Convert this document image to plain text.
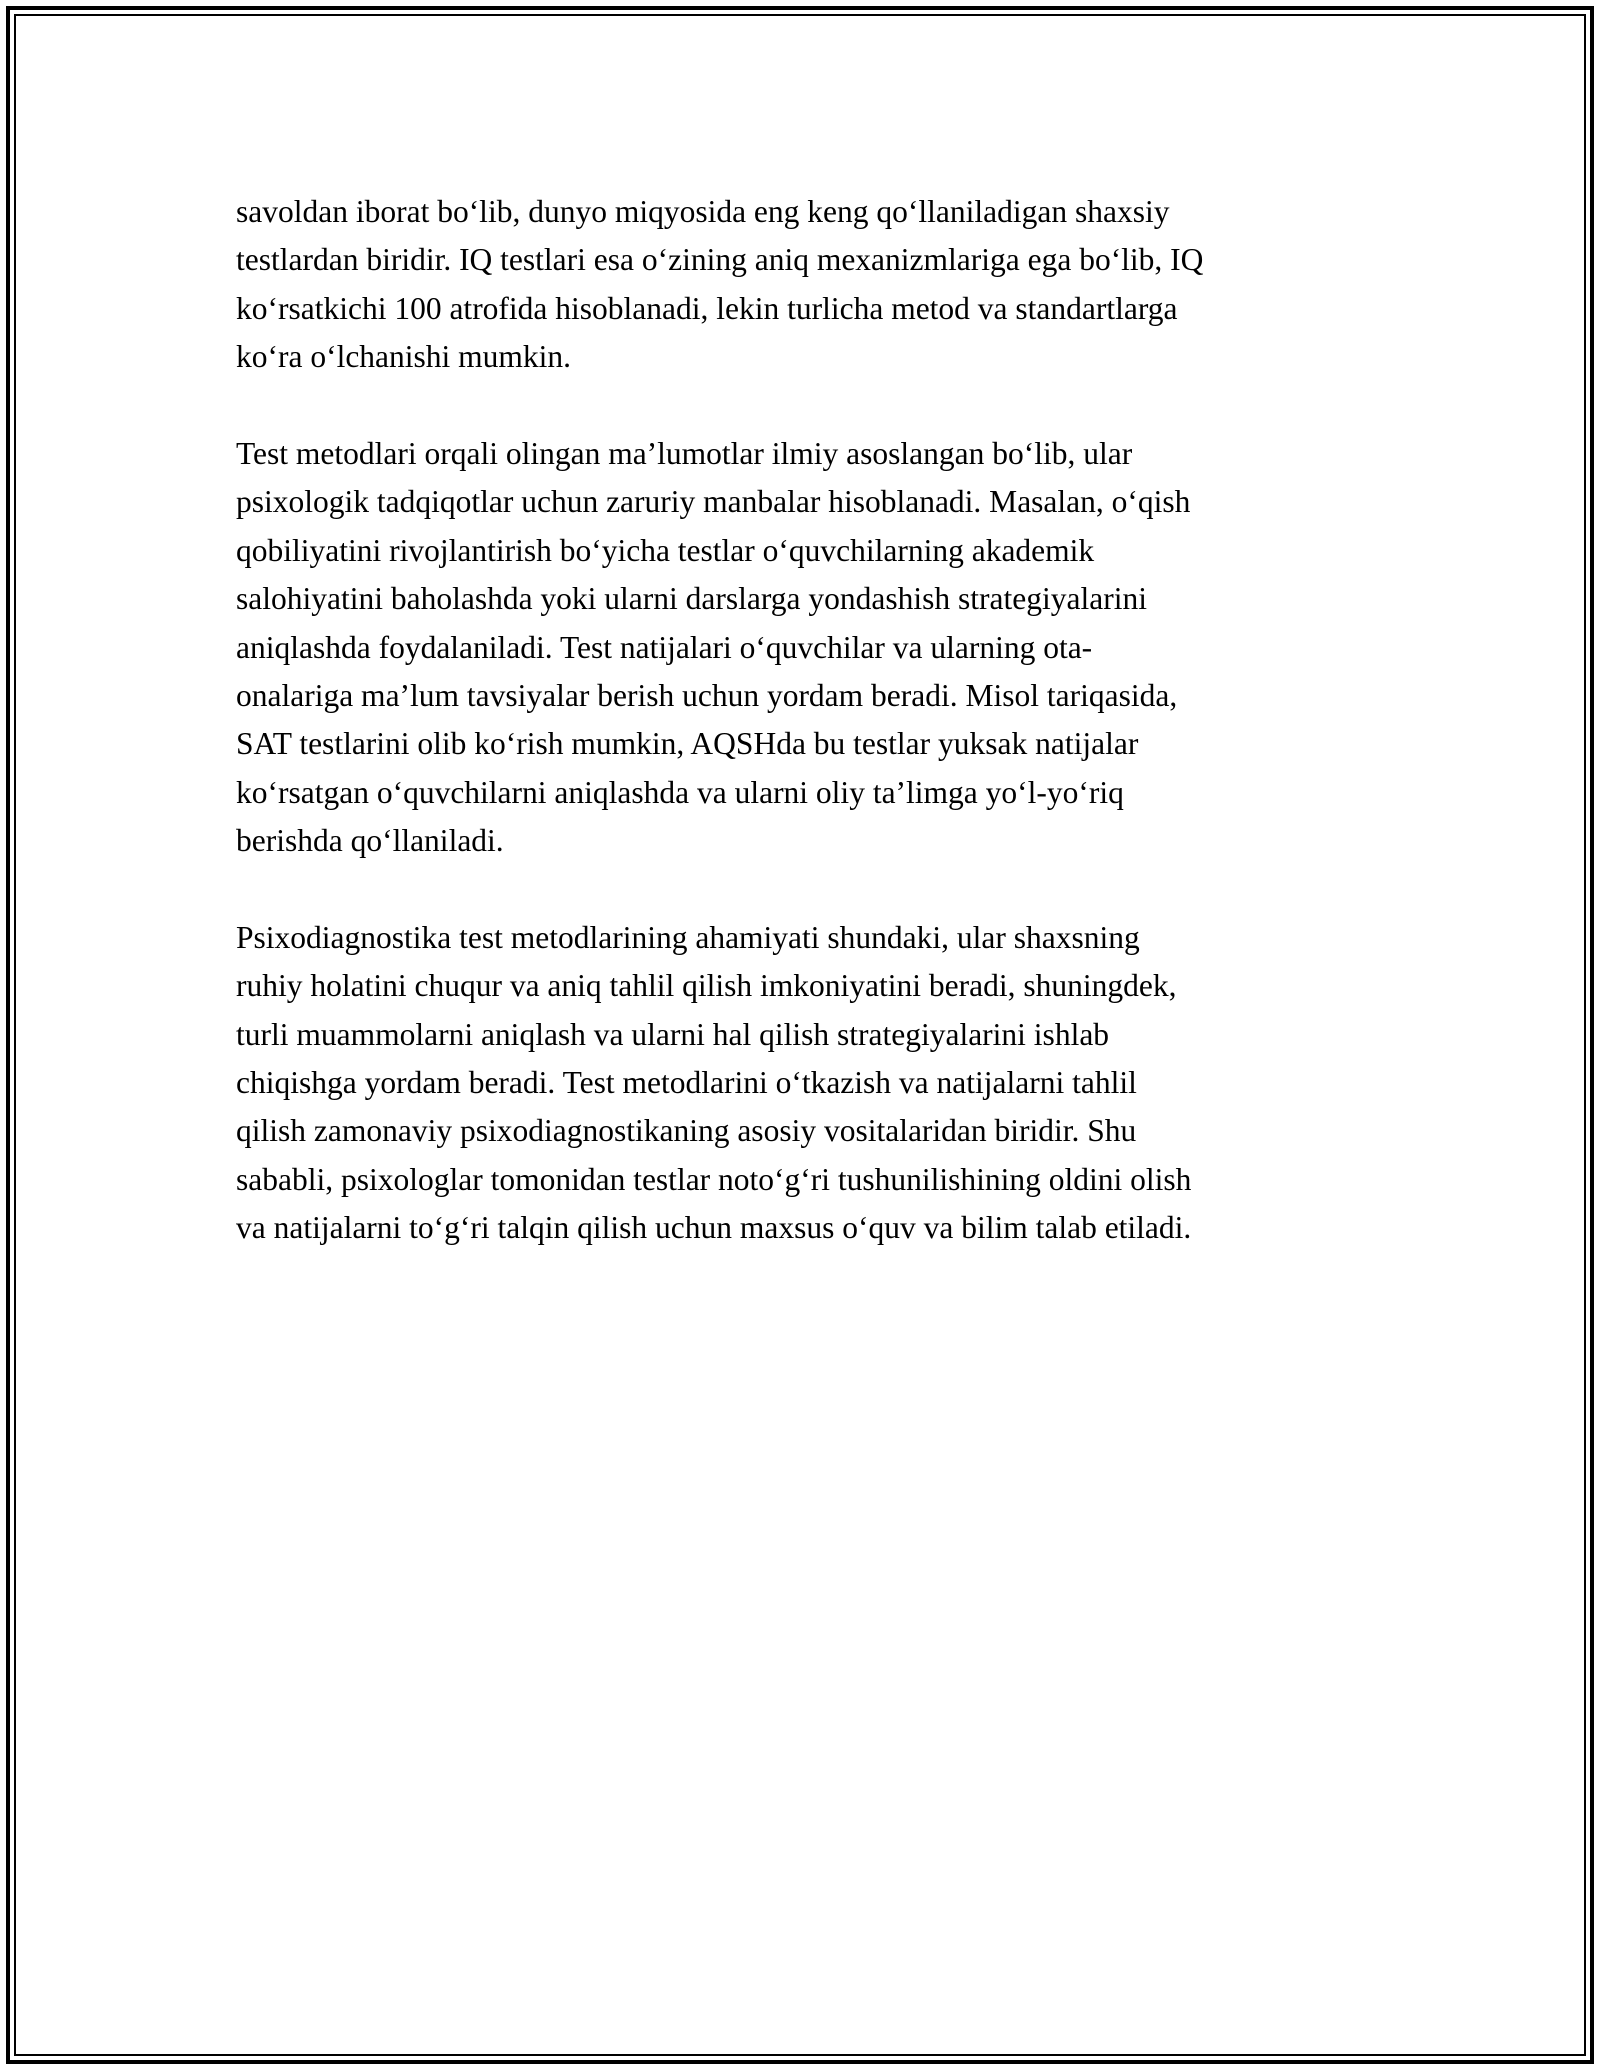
savoldan iborat bo‘lib, dunyo miqyosida eng keng qo‘llaniladigan shaxsiy
testlardan biridir. IQ testlari esa o‘zining aniq mexanizmlariga ega bo‘lib, IQ
ko‘rsatkichi 100 atrofida hisoblanadi, lekin turlicha metod va standartlarga
ko‘ra o‘lchanishi mumkin.
Test metodlari orqali olingan ma’lumotlar ilmiy asoslangan bo‘lib, ular
psixologik tadqiqotlar uchun zaruriy manbalar hisoblanadi. Masalan, o‘qish
qobiliyatini rivojlantirish bo‘yicha testlar o‘quvchilarning akademik
salohiyatini baholashda yoki ularni darslarga yondashish strategiyalarini
aniqlashda foydalaniladi. Test natijalari o‘quvchilar va ularning ota-
onalariga ma’lum tavsiyalar berish uchun yordam beradi. Misol tariqasida,
SAT testlarini olib ko‘rish mumkin, AQSHda bu testlar yuksak natijalar
ko‘rsatgan o‘quvchilarni aniqlashda va ularni oliy ta’limga yo‘l-yo‘riq
berishda qo‘llaniladi.
Psixodiagnostika test metodlarining ahamiyati shundaki, ular shaxsning
ruhiy holatini chuqur va aniq tahlil qilish imkoniyatini beradi, shuningdek,
turli muammolarni aniqlash va ularni hal qilish strategiyalarini ishlab
chiqishga yordam beradi. Test metodlarini o‘tkazish va natijalarni tahlil
qilish zamonaviy psixodiagnostikaning asosiy vositalaridan biridir. Shu
sababli, psixologlar tomonidan testlar noto‘g‘ri tushunilishining oldini olish
va natijalarni to‘g‘ri talqin qilish uchun maxsus o‘quv va bilim talab etiladi.
